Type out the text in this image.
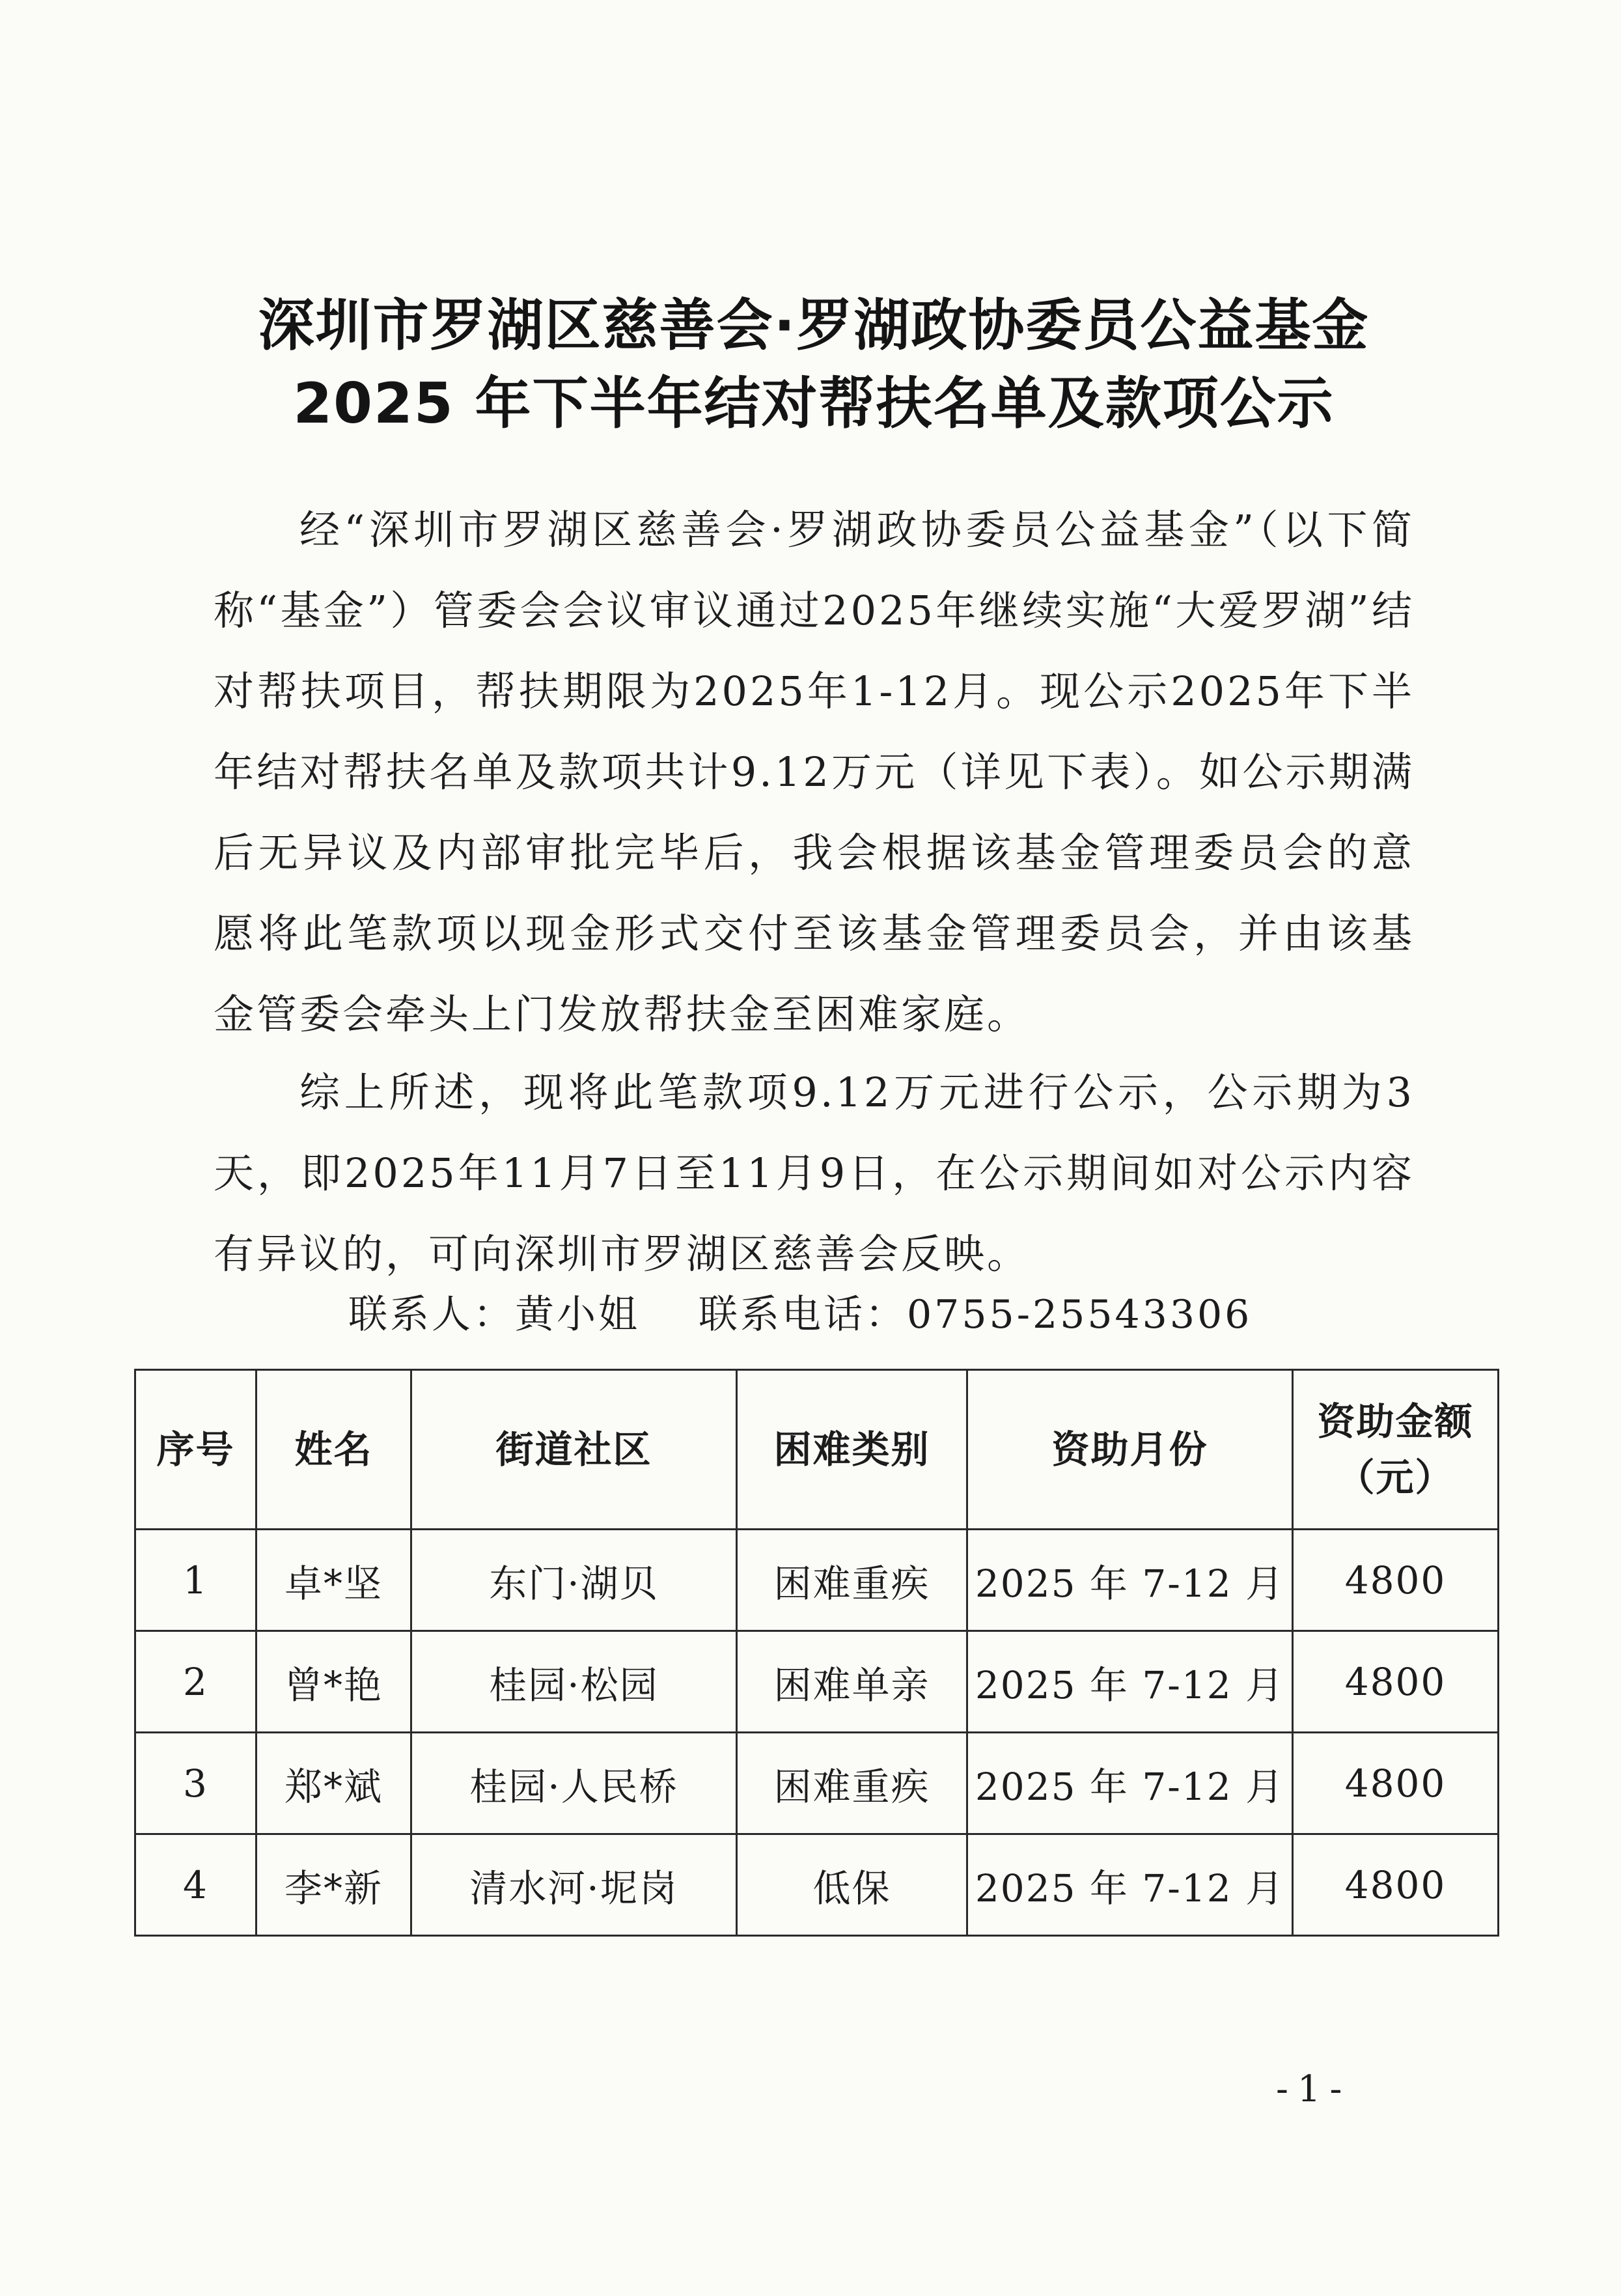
深圳市罗湖区慈善会·罗湖政协委员公益基金
2025 年下半年结对帮扶名单及款项公示

经“深圳市罗湖区慈善会·罗湖政协委员公益基金”（以下简称“基金”）管委会会议审议通过2025年继续实施“大爱罗湖”结对帮扶项目，帮扶期限为2025年1-12月。现公示2025年下半年结对帮扶名单及款项共计9.12万元（详见下表）。如公示期满后无异议及内部审批完毕后，我会根据该基金管理委员会的意愿将此笔款项以现金形式交付至该基金管理委员会，并由该基金管委会牵头上门发放帮扶金至困难家庭。

综上所述，现将此笔款项9.12万元进行公示，公示期为3天，即2025年11月7日至11月9日，在公示期间如对公示内容有异议的，可向深圳市罗湖区慈善会反映。

联系人：黄小姐 联系电话：0755-25543306
序号	姓名	街道社区	困难类别	资助月份	资助金额（元）
1	卓*坚	东门·湖贝	困难重疾	2025 年 7-12 月	4800
2	曾*艳	桂园·松园	困难单亲	2025 年 7-12 月	4800
3	郑*斌	桂园·人民桥	困难重疾	2025 年 7-12 月	4800
4	李*新	清水河·坭岗	低保	2025 年 7-12 月	4800
-1-
